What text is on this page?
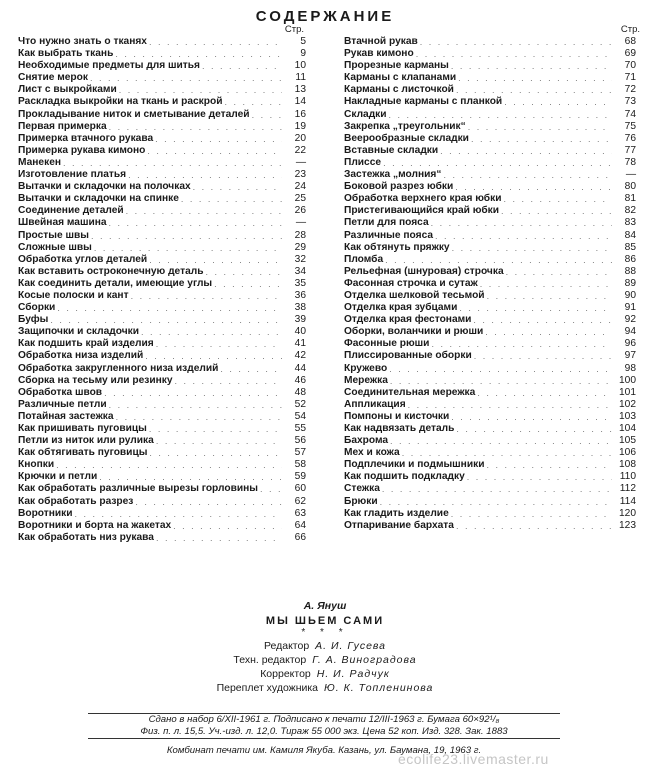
СОДЕРЖАНИЕ
Стр.
Что нужно знать о тканях . . .	5
Как выбрать ткань . . .	9
Необходимые предметы для шитья . . .	10
Снятие мерок . . .	11
Лист с выкройками . . .	13
Раскладка выкройки на ткань и раскрой . . .	14
Прокладывание ниток и сметывание деталей . . .	16
Первая примерка . . .	19
Примерка втачного рукава . . .	20
Примерка рукава кимоно . . .	22
Манекен . . .	—
Изготовление платья . . .	23
Вытачки и складочки на полочках . . .	24
Вытачки и складочки на спинке . . .	25
Соединение деталей . . .	26
Швейная машина . . .	—
Простые швы . . .	28
Сложные швы . . .	29
Обработка углов деталей . . .	32
Как вставить остроконечную деталь . . .	34
Как соединить детали, имеющие углы . . .	35
Косые полоски и кант . . .	36
Сборки . . .	38
Буфы . . .	39
Защипочки и складочки . . .	40
Как подшить край изделия . . .	41
Обработка низа изделий . . .	42
Обработка закругленного низа изделий . . .	44
Сборка на тесьму или резинку . . .	46
Обработка швов . . .	48
Различные петли . . .	52
Потайная застежка . . .	54
Как пришивать пуговицы . . .	55
Петли из ниток или рулика . . .	56
Как обтягивать пуговицы . . .	57
Кнопки . . .	58
Крючки и петли . . .	59
Как обработать различные вырезы горловины . . .	60
Как обработать разрез . . .	62
Воротники . . .	63
Воротники и борта на жакетах . . .	64
Как обработать низ рукава . . .	66
Стр.
Втачной рукав . . .	68
Рукав кимоно . . .	69
Прорезные карманы . . .	70
Карманы с клапанами . . .	71
Карманы с листочкой . . .	72
Накладные карманы с планкой . . .	73
Складки . . .	74
Закрепка „треугольник“ . . .	75
Веерообразные складки . . .	76
Вставные складки . . .	77
Плиссе . . .	78
Застежка „молния“ . . .	—
Боковой разрез юбки . . .	80
Обработка верхнего края юбки . . .	81
Пристегивающийся край юбки . . .	82
Петли для пояса . . .	83
Различные пояса . . .	84
Как обтянуть пряжку . . .	85
Пломба . . .	86
Рельефная (шнуровая) строчка . . .	88
Фасонная строчка и сутаж . . .	89
Отделка шелковой тесьмой . . .	90
Отделка края зубцами . . .	91
Отделка края фестонами . . .	92
Оборки, воланчики и рюши . . .	94
Фасонные рюши . . .	96
Плиссированные оборки . . .	97
Кружево . . .	98
Мережка . . .	100
Соединительная мережка . . .	101
Аппликация . . .	102
Помпоны и кисточки . . .	103
Как надвязать деталь . . .	104
Бахрома . . .	105
Мех и кожа . . .	106
Подплечики и подмышники . . .	108
Как подшить подкладку . . .	110
Стежка . . .	112
Брюки . . .	114
Как гладить изделие . . .	120
Отпаривание бархата . . .	123
А. Януш
МЫ ШЬЕМ САМИ
* * *
Редактор А. И. Гусева
Техн. редактор Г. А. Виноградова
Корректор Н. И. Радчук
Переплет художника Ю. К. Топленинова
Сдано в набор 6/XII-1961 г. Подписано к печати 12/III-1963 г. Бумага 60×92¹/₈
Физ. п. л. 15,5. Уч.-изд. л. 12,0. Тираж 55 000 экз. Цена 52 коп. Изд. 328. Зак. 1883
Комбинат печати им. Камиля Якуба. Казань, ул. Баумана, 19, 1963 г.
ecolife23.livemaster.ru
